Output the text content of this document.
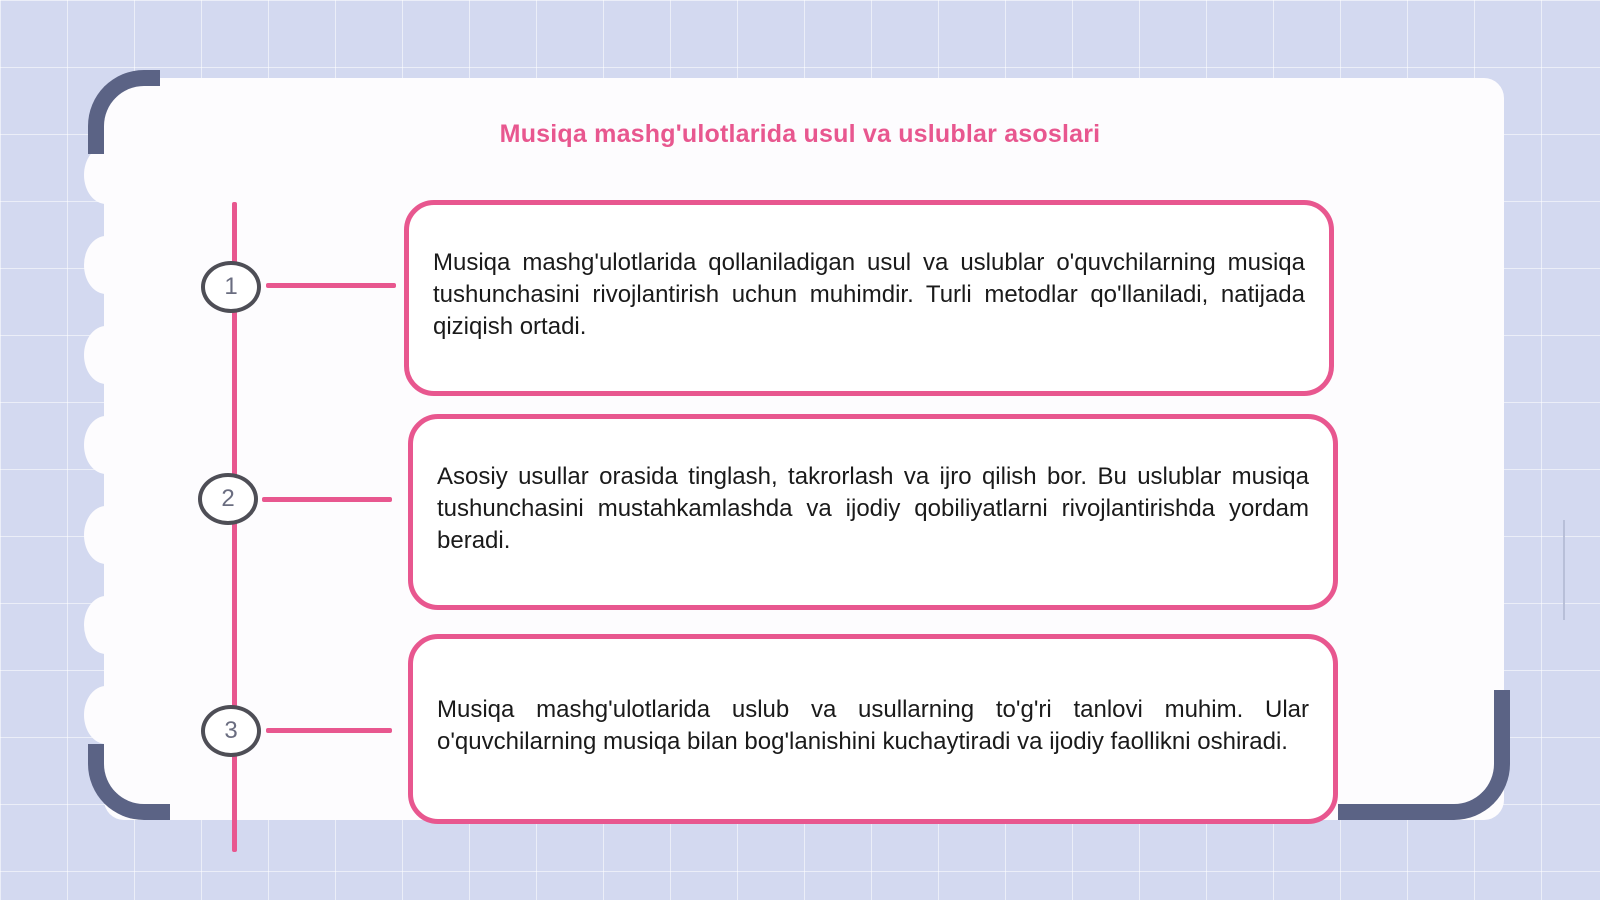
Musiqa mashg'ulotlarida usul va uslublar asoslari
1
Musiqa mashg'ulotlarida qollaniladigan usul va uslublar o'quvchilarning musiqa tushunchasini rivojlantirish uchun muhimdir. Turli metodlar qo'llaniladi, natijada qiziqish ortadi.
2
Asosiy usullar orasida tinglash, takrorlash va ijro qilish bor. Bu uslublar musiqa tushunchasini mustahkamlashda va ijodiy qobiliyatlarni rivojlantirishda yordam beradi.
3
Musiqa mashg'ulotlarida uslub va usullarning to'g'ri tanlovi muhim. Ular o'quvchilarning musiqa bilan bog'lanishini kuchaytiradi va ijodiy faollikni oshiradi.
